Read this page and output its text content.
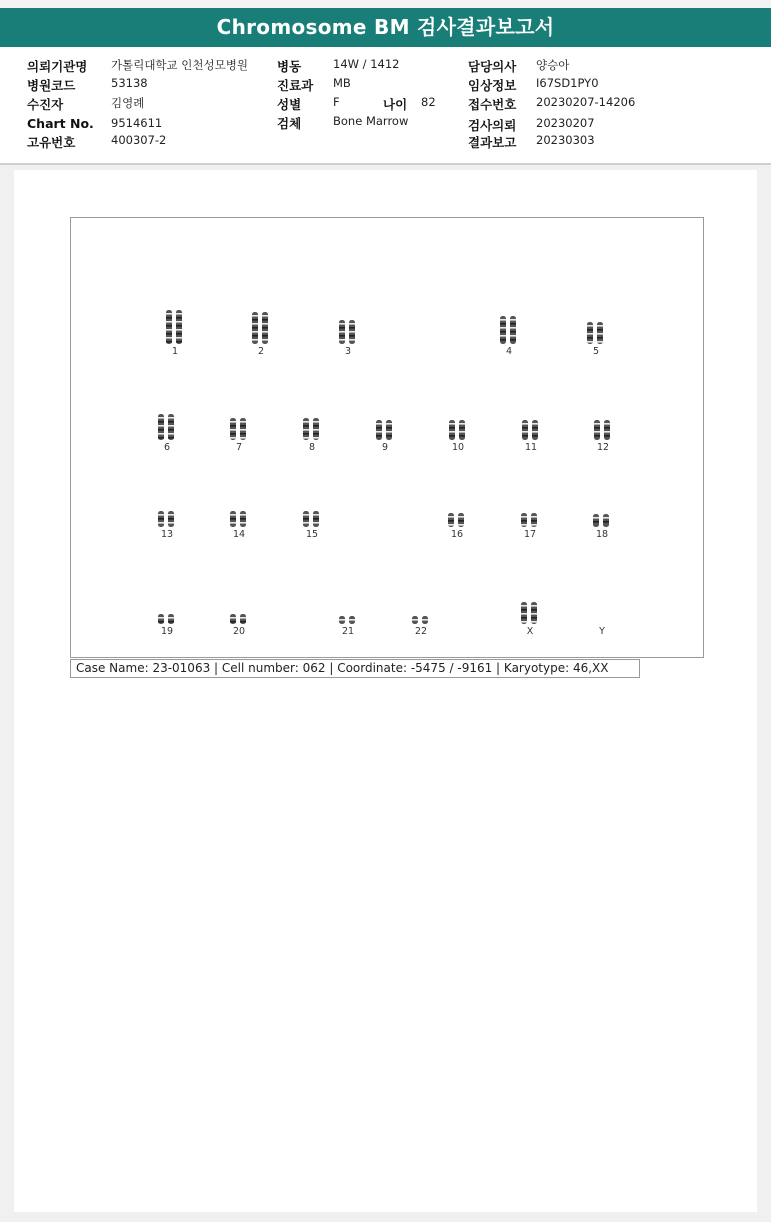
Chromosome BM 검사결과보고서
의뢰기관명 가톨릭대학교 인천성모병원
병원코드	53138
수진자	김영례
Chart No. 9514611
고유번호	400307-2
병동	14W / 1412
진료과 MB
성별	F	나이 82
검체	Bone Marrow
담당의사 양승아
임상정보 I67SD1PY0
접수번호 20230207-14206
검사의뢰 20230207
결과보고 20230303
1	2	3	4	5
6	7	8	9	10	11	12
13	14	15	16	17	18
19	20	21	22	X	Y
Case Name: 23-01063 | Cell number: 062 | Coordinate: -5475 / -9161 | Karyotype: 46,XX
